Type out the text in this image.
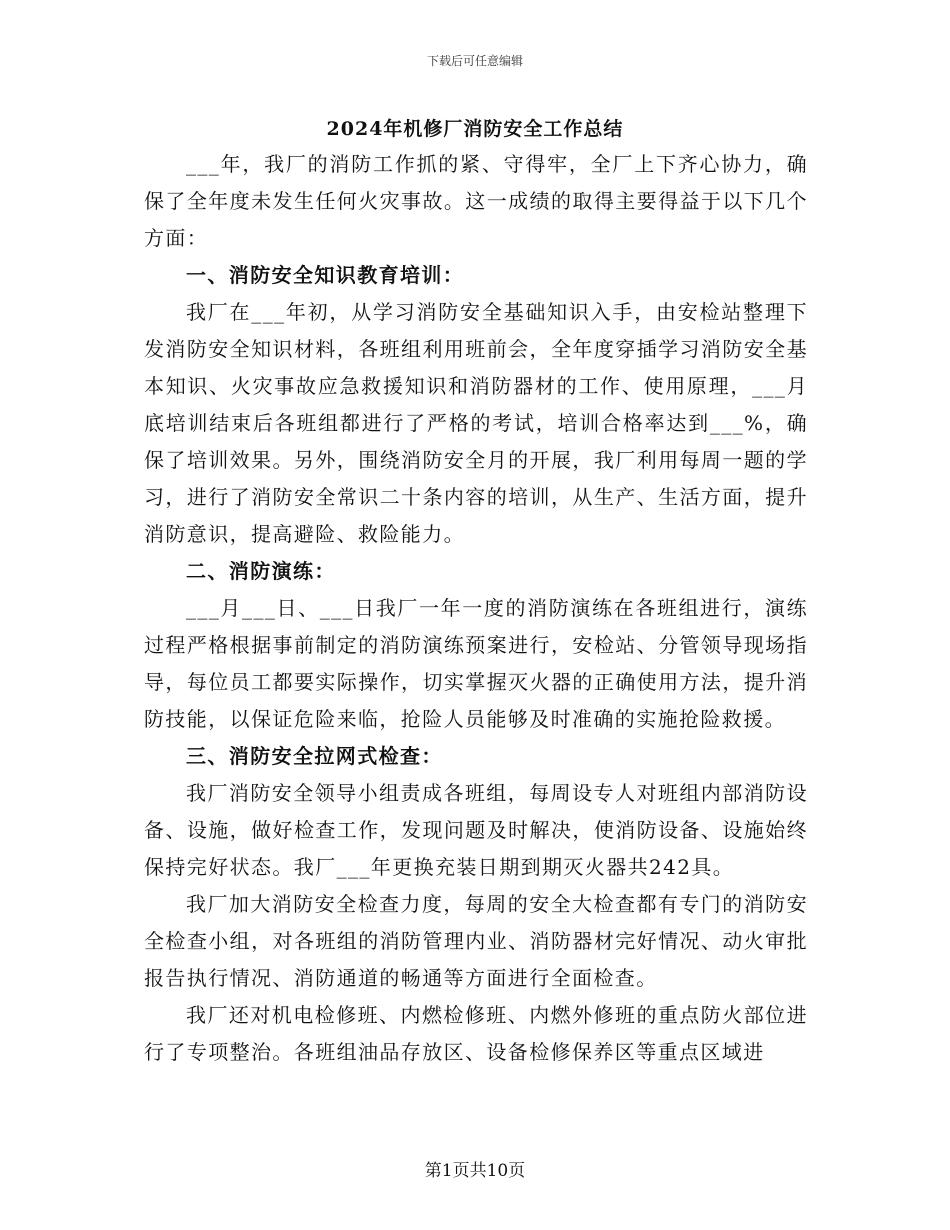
下载后可任意编辑
2024年机修厂消防安全工作总结

___年，我厂的消防工作抓的紧、守得牢，全厂上下齐心协力，确保了全年度未发生任何火灾事故。这一成绩的取得主要得益于以下几个方面：

一、消防安全知识教育培训：

我厂在___年初，从学习消防安全基础知识入手，由安检站整理下发消防安全知识材料，各班组利用班前会，全年度穿插学习消防安全基本知识、火灾事故应急救援知识和消防器材的工作、使用原理，___月底培训结束后各班组都进行了严格的考试，培训合格率达到___%，确保了培训效果。另外，围绕消防安全月的开展，我厂利用每周一题的学习，进行了消防安全常识二十条内容的培训，从生产、生活方面，提升消防意识，提高避险、救险能力。

二、消防演练：

___月___日、___日我厂一年一度的消防演练在各班组进行，演练过程严格根据事前制定的消防演练预案进行，安检站、分管领导现场指导，每位员工都要实际操作，切实掌握灭火器的正确使用方法，提升消防技能，以保证危险来临，抢险人员能够及时准确的实施抢险救援。

三、消防安全拉网式检查：

我厂消防安全领导小组责成各班组，每周设专人对班组内部消防设备、设施，做好检查工作，发现问题及时解决，使消防设备、设施始终保持完好状态。我厂___年更换充装日期到期灭火器共242具。

我厂加大消防安全检查力度，每周的安全大检查都有专门的消防安全检查小组，对各班组的消防管理内业、消防器材完好情况、动火审批报告执行情况、消防通道的畅通等方面进行全面检查。

我厂还对机电检修班、内燃检修班、内燃外修班的重点防火部位进行了专项整治。各班组油品存放区、设备检修保养区等重点区域进

第1页共10页
